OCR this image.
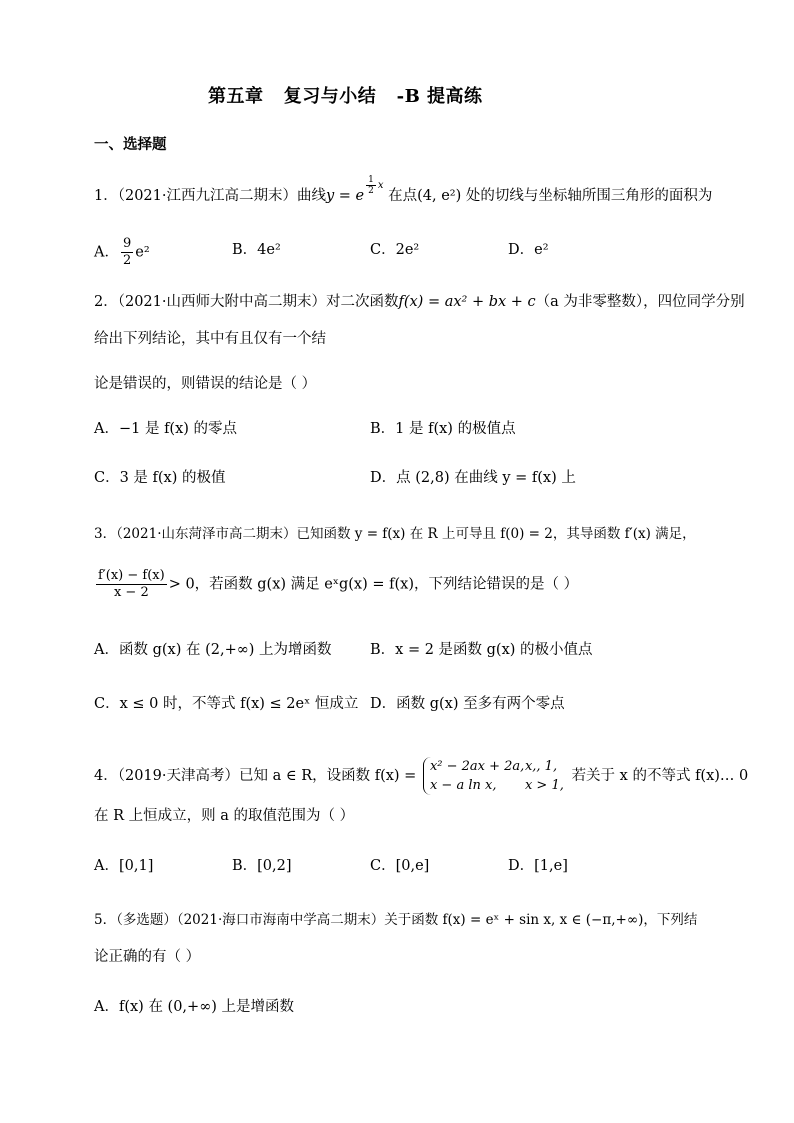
第五章   复习与小结   -B 提高练
一、选择题
1．（2021·江西九江高二期末）曲线y = e $^{\frac{1}{2} x}$ 在点(4, e²) 处的切线与坐标轴所围三角形的面积为
A． $\frac{9}{2} e^2$	B．4e²	C．2e²	D．e²
2．（2021·山西师大附中高二期末）对二次函数f(x) = ax² + bx + c（a 为非零整数），四位同学分别
给出下列结论，其中有且仅有一个结
论是错误的，则错误的结论是（ ）
A．−1 是 f(x) 的零点	B．1 是 f(x) 的极值点
C．3 是 f(x) 的极值	D．点 (2,8) 在曲线 y = f(x) 上
3．（2021·山东菏泽市高二期末）已知函数 y = f(x) 在 R 上可导且 f(0) = 2，其导函数 f′(x) 满足，
$\frac{f'(x) - f(x)}{x - 2} > 0$，若函数 g(x) 满足 eˣg(x) = f(x)，下列结论错误的是（ ）
A．函数 g(x) 在 (2,+∞) 上为增函数	B．x = 2 是函数 g(x) 的极小值点
C．x ≤ 0 时，不等式 f(x) ≤ 2eˣ 恒成立 D．函数 g(x) 至多有两个零点
4．（2019·天津高考）已知 a ∈ R，设函数 f(x) =
x² − 2ax + 2a, x,, 1,
x − a ln x,	x > 1,
若关于 x 的不等式 f(x)… 0
在 R 上恒成立，则 a 的取值范围为（ ）
A．[0,1]	B．[0,2]	C．[0,e]	D．[1,e]
5．（多选题）（2021·海口市海南中学高二期末）关于函数 f(x) = eˣ + sin x, x ∈ (−π,+∞)，下列结
论正确的有（ ）
A．f(x) 在 (0,+∞) 上是增函数
